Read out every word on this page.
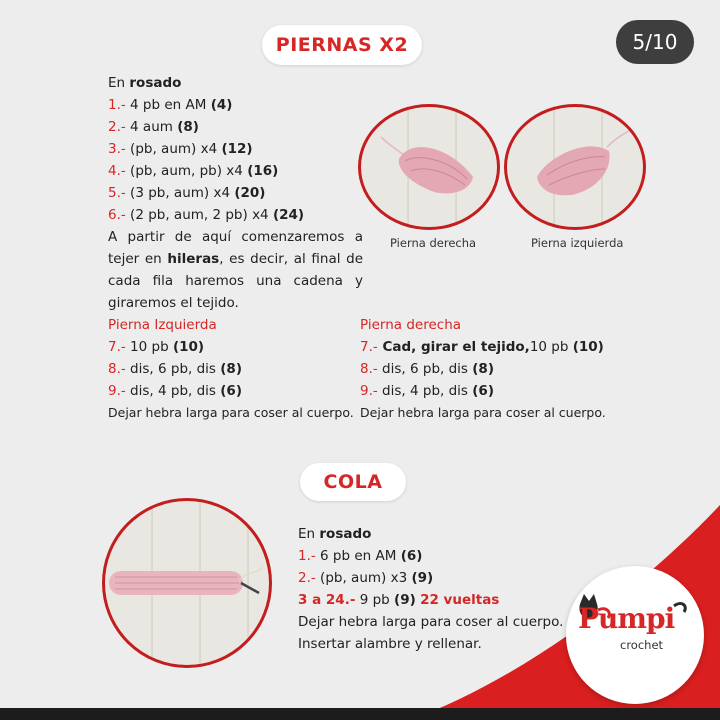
5/10
PIERNAS X2
En rosado
1.- 4 pb en AM (4)
2.- 4 aum (8)
3.- (pb, aum) x4 (12)
4.- (pb, aum, pb) x4 (16)
5.- (3 pb, aum) x4 (20)
6.- (2 pb, aum, 2 pb) x4 (24)
A partir de aquí comenzaremos a tejer en hileras, es decir, al final de cada fila haremos una cadena y giraremos el tejido.
Pierna derecha	Pierna izquierda
Pierna Izquierda
7.- 10 pb (10)
8.- dis, 6 pb, dis (8)
9.- dis, 4 pb, dis (6)
Dejar hebra larga para coser al cuerpo.
Pierna derecha
7.- Cad, girar el tejido,10 pb (10)
8.- dis, 6 pb, dis (8)
9.- dis, 4 pb, dis (6)
Dejar hebra larga para coser al cuerpo.
COLA
En rosado
1.- 6 pb en AM (6)
2.- (pb, aum) x3 (9)
3 a 24.- 9 pb (9) 22 vueltas
Dejar hebra larga para coser al cuerpo.
Insertar alambre y rellenar.
Pumpi
crochet
